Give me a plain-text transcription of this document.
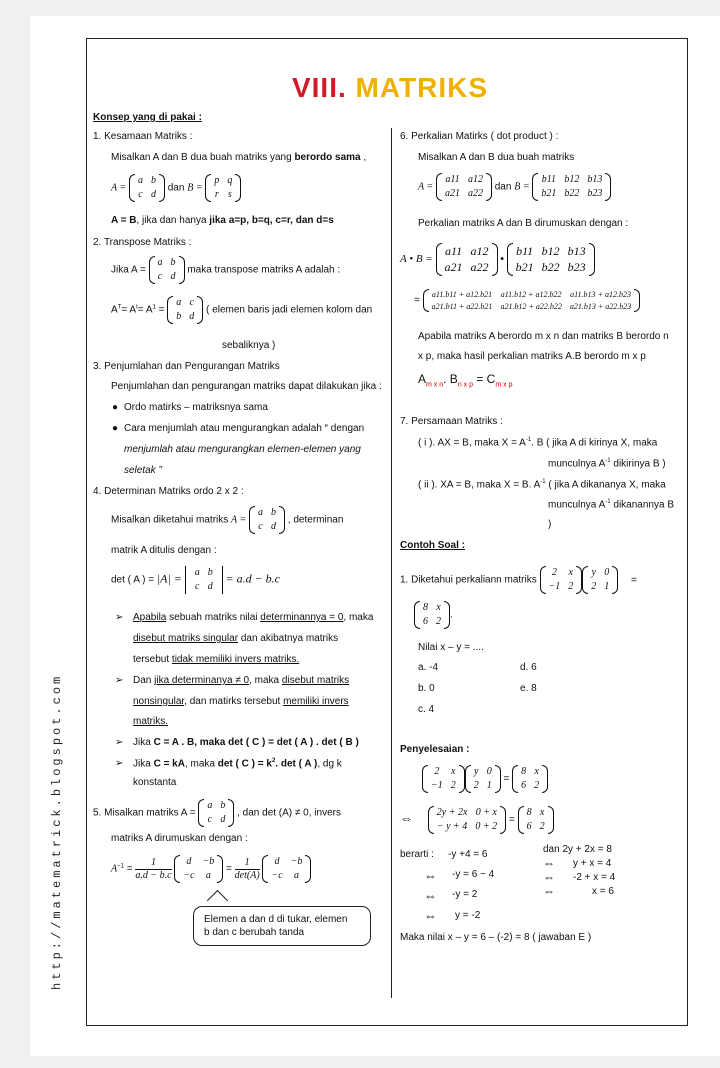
http://matematrick.blogspot.com
VIII. MATRIKS
Konsep yang di pakai :
1. Kesamaan Matriks :
Misalkan A dan B dua buah matriks yang berordo sama ,
A =
a	b
c	d
dan B =
p	q
r	s
A = B, jika dan hanya jika a=p, b=q, c=r, dan d=s
2. Transpose Matriks :
Jika A =
a	b
c	d
maka transpose matriks A adalah :
$A^T= A^t= A^1$ =
a	c
b	d
( elemen baris jadi elemen kolom dan
sebaliknya )
3. Penjumlahan dan Pengurangan Matriks
Penjumlahan dan pengurangan matriks dapat dilakukan jika :
● Ordo matirks – matriksnya sama
● Cara menjumlah atau mengurangkan adalah “ dengan
menjumlah atau mengurangkan elemen-elemen yang
seletak ”
4. Determinan Matriks ordo 2 x 2 :
Misalkan diketahui matriks A =
a	b
c	d
, determinan
matrik A ditulis dengan :
det ( A ) = |A| = a	b
c	d
= a.d − b.c
➢ Apabila sebuah matriks nilai determinannya = 0, maka
disebut matriks singular dan akibatnya matriks
tersebut tidak memiliki invers matriks.
➢ Dan jika determinanya ≠ 0, maka disebut matriks
nonsingular, dan matirks tersebut memiliki invers
matriks.
➢ Jika C = A . B, maka det ( C ) = det ( A ) . det ( B )
➢ Jika C = kA, maka det ( C ) = $k^2$. det ( A ), dg k
konstanta
5. Misalkan matriks A =
a	b
c	d
, dan det (A) ≠ 0, invers
matriks A dirumuskan dengan :
$A^{-1} = \frac{1}{a.d - b.c}$
d	−b
−c	a
=
1
det(A)

d	−b
−c	a
Elemen a dan d di tukar, elemen
b dan c berubah tanda
6. Perkalian Matirks ( dot product ) :
Misalkan A dan B dua buah matriks
A =
a11	a12
a21	a22
dan B =
b11	b12	b13
b21	b22	b23
Perkalian matriks A dan B dirumuskan dengan :
A • B =
a11	a12
a21	a22
•
b11	b12	b13
b21	b22	b23
=
a11.b11 + a12.b21	a11.b12 + a12.b22	a11.b13 + a12.b23
a21.b11 + a22.b21	a21.b12 + a22.b22	a21.b13 + a22.b23
Apabila matriks A berordo m x n dan matriks B berordo n
x p, maka hasil perkalian matriks A.B berordo m x p
$A_{m x n}$. $B_{n x p} = C_{m x p}$
7. Persamaan Matriks :
( i ). AX = B, maka $X = A^{-1}$. B ( jika A di kirinya X, maka
munculnya $A^{-1}$ dikirinya B )
( ii ). XA = B, maka X = B. $A^{-1}$ ( jika A dikananya X, maka
munculnya $A^{-1}$ dikanannya B
)
Contoh Soal :
1. Diketahui perkaliann matriks
2	x
−1	2
y	0
2	1
=
8	x
6	2
.
Nilai x – y = ....
a. -4	d. 6
b. 0	e. 8
c. 4
Penyelesaian :
2	x
−1	2
y	0
2	1
=
8	x
6	2
⇔ 2y + 2x	0 + x
− y + 4	0 + 2
=
8	x
6	2
berarti : -y +4 = 6
⇔ -y = 6 − 4
⇔ -y = 2
⇔ y = -2
dan 2y + 2x = 8
⇔ y + x = 4
⇔ -2 + x = 4
⇔	x = 6
Maka nilai x – y = 6 – (-2) = 8 ( jawaban E )
